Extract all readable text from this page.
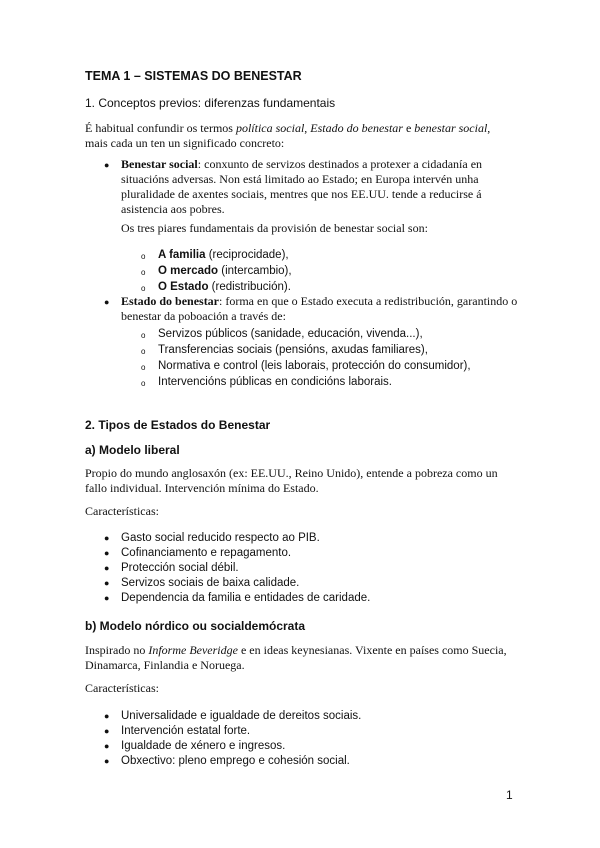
TEMA 1 – SISTEMAS DO BENESTAR

1. Conceptos previos: diferenzas fundamentais

É habitual confundir os termos política social, Estado do benestar e benestar social,
mais cada un ten un significado concreto:
● Benestar social: conxunto de servizos destinados a protexer a cidadanía en situacións adversas. Non está limitado ao Estado; en Europa intervén unha pluralidade de axentes sociais, mentres que nos EE.UU. tende a reducirse á asistencia aos pobres.

Os tres piares fundamentais da provisión de benestar social son:

o A familia (reciprocidade),
o O mercado (intercambio),
o O Estado (redistribución).
● Estado do benestar: forma en que o Estado executa a redistribución, garantindo o benestar da poboación a través de:
o Servizos públicos (sanidade, educación, vivenda...),
o Transferencias sociais (pensións, axudas familiares),
o Normativa e control (leis laborais, protección do consumidor),
o Intervencións públicas en condicións laborais.

2. Tipos de Estados do Benestar

a) Modelo liberal

Propio do mundo anglosaxón (ex: EE.UU., Reino Unido), entende a pobreza como un fallo individual. Intervención mínima do Estado.

Características:

● Gasto social reducido respecto ao PIB.
● Cofinanciamento e repagamento.
● Protección social débil.
● Servizos sociais de baixa calidade.
● Dependencia da familia e entidades de caridade.

b) Modelo nórdico ou socialdemócrata

Inspirado no Informe Beveridge e en ideas keynesianas. Vixente en países como Suecia, Dinamarca, Finlandia e Noruega.

Características:

● Universalidade e igualdade de dereitos sociais.
● Intervención estatal forte.
● Igualdade de xénero e ingresos.
● Obxectivo: pleno emprego e cohesión social.
1
